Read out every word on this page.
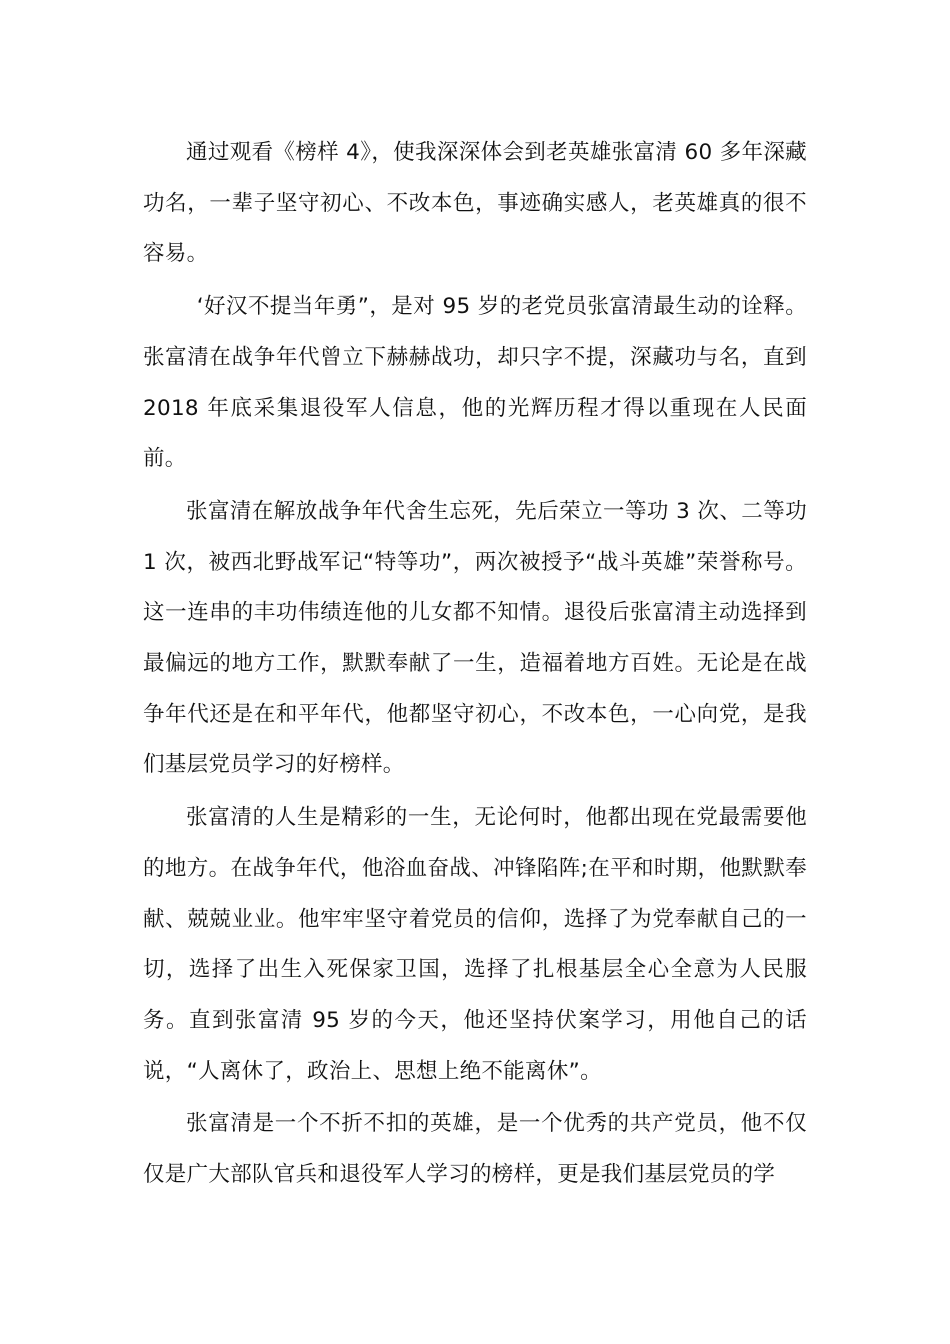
通过观看《榜样 4》，使我深深体会到老英雄张富清 60 多年深藏功名，一辈子坚守初心、不改本色，事迹确实感人，老英雄真的很不容易。

‘好汉不提当年勇”，是对 95 岁的老党员张富清最生动的诠释。张富清在战争年代曾立下赫赫战功，却只字不提，深藏功与名，直到 2018 年底采集退役军人信息，他的光辉历程才得以重现在人民面前。

张富清在解放战争年代舍生忘死，先后荣立一等功 3 次、二等功 1 次，被西北野战军记“特等功”，两次被授予“战斗英雄”荣誉称号。这一连串的丰功伟绩连他的儿女都不知情。退役后张富清主动选择到最偏远的地方工作，默默奉献了一生，造福着地方百姓。无论是在战争年代还是在和平年代，他都坚守初心，不改本色，一心向党，是我们基层党员学习的好榜样。

张富清的人生是精彩的一生，无论何时，他都出现在党最需要他的地方。在战争年代，他浴血奋战、冲锋陷阵;在平和时期，他默默奉献、兢兢业业。他牢牢坚守着党员的信仰，选择了为党奉献自己的一切，选择了出生入死保家卫国，选择了扎根基层全心全意为人民服务。直到张富清 95 岁的今天，他还坚持伏案学习，用他自己的话说，“人离休了，政治上、思想上绝不能离休”。

张富清是一个不折不扣的英雄，是一个优秀的共产党员，他不仅仅是广大部队官兵和退役军人学习的榜样，更是我们基层党员的学
